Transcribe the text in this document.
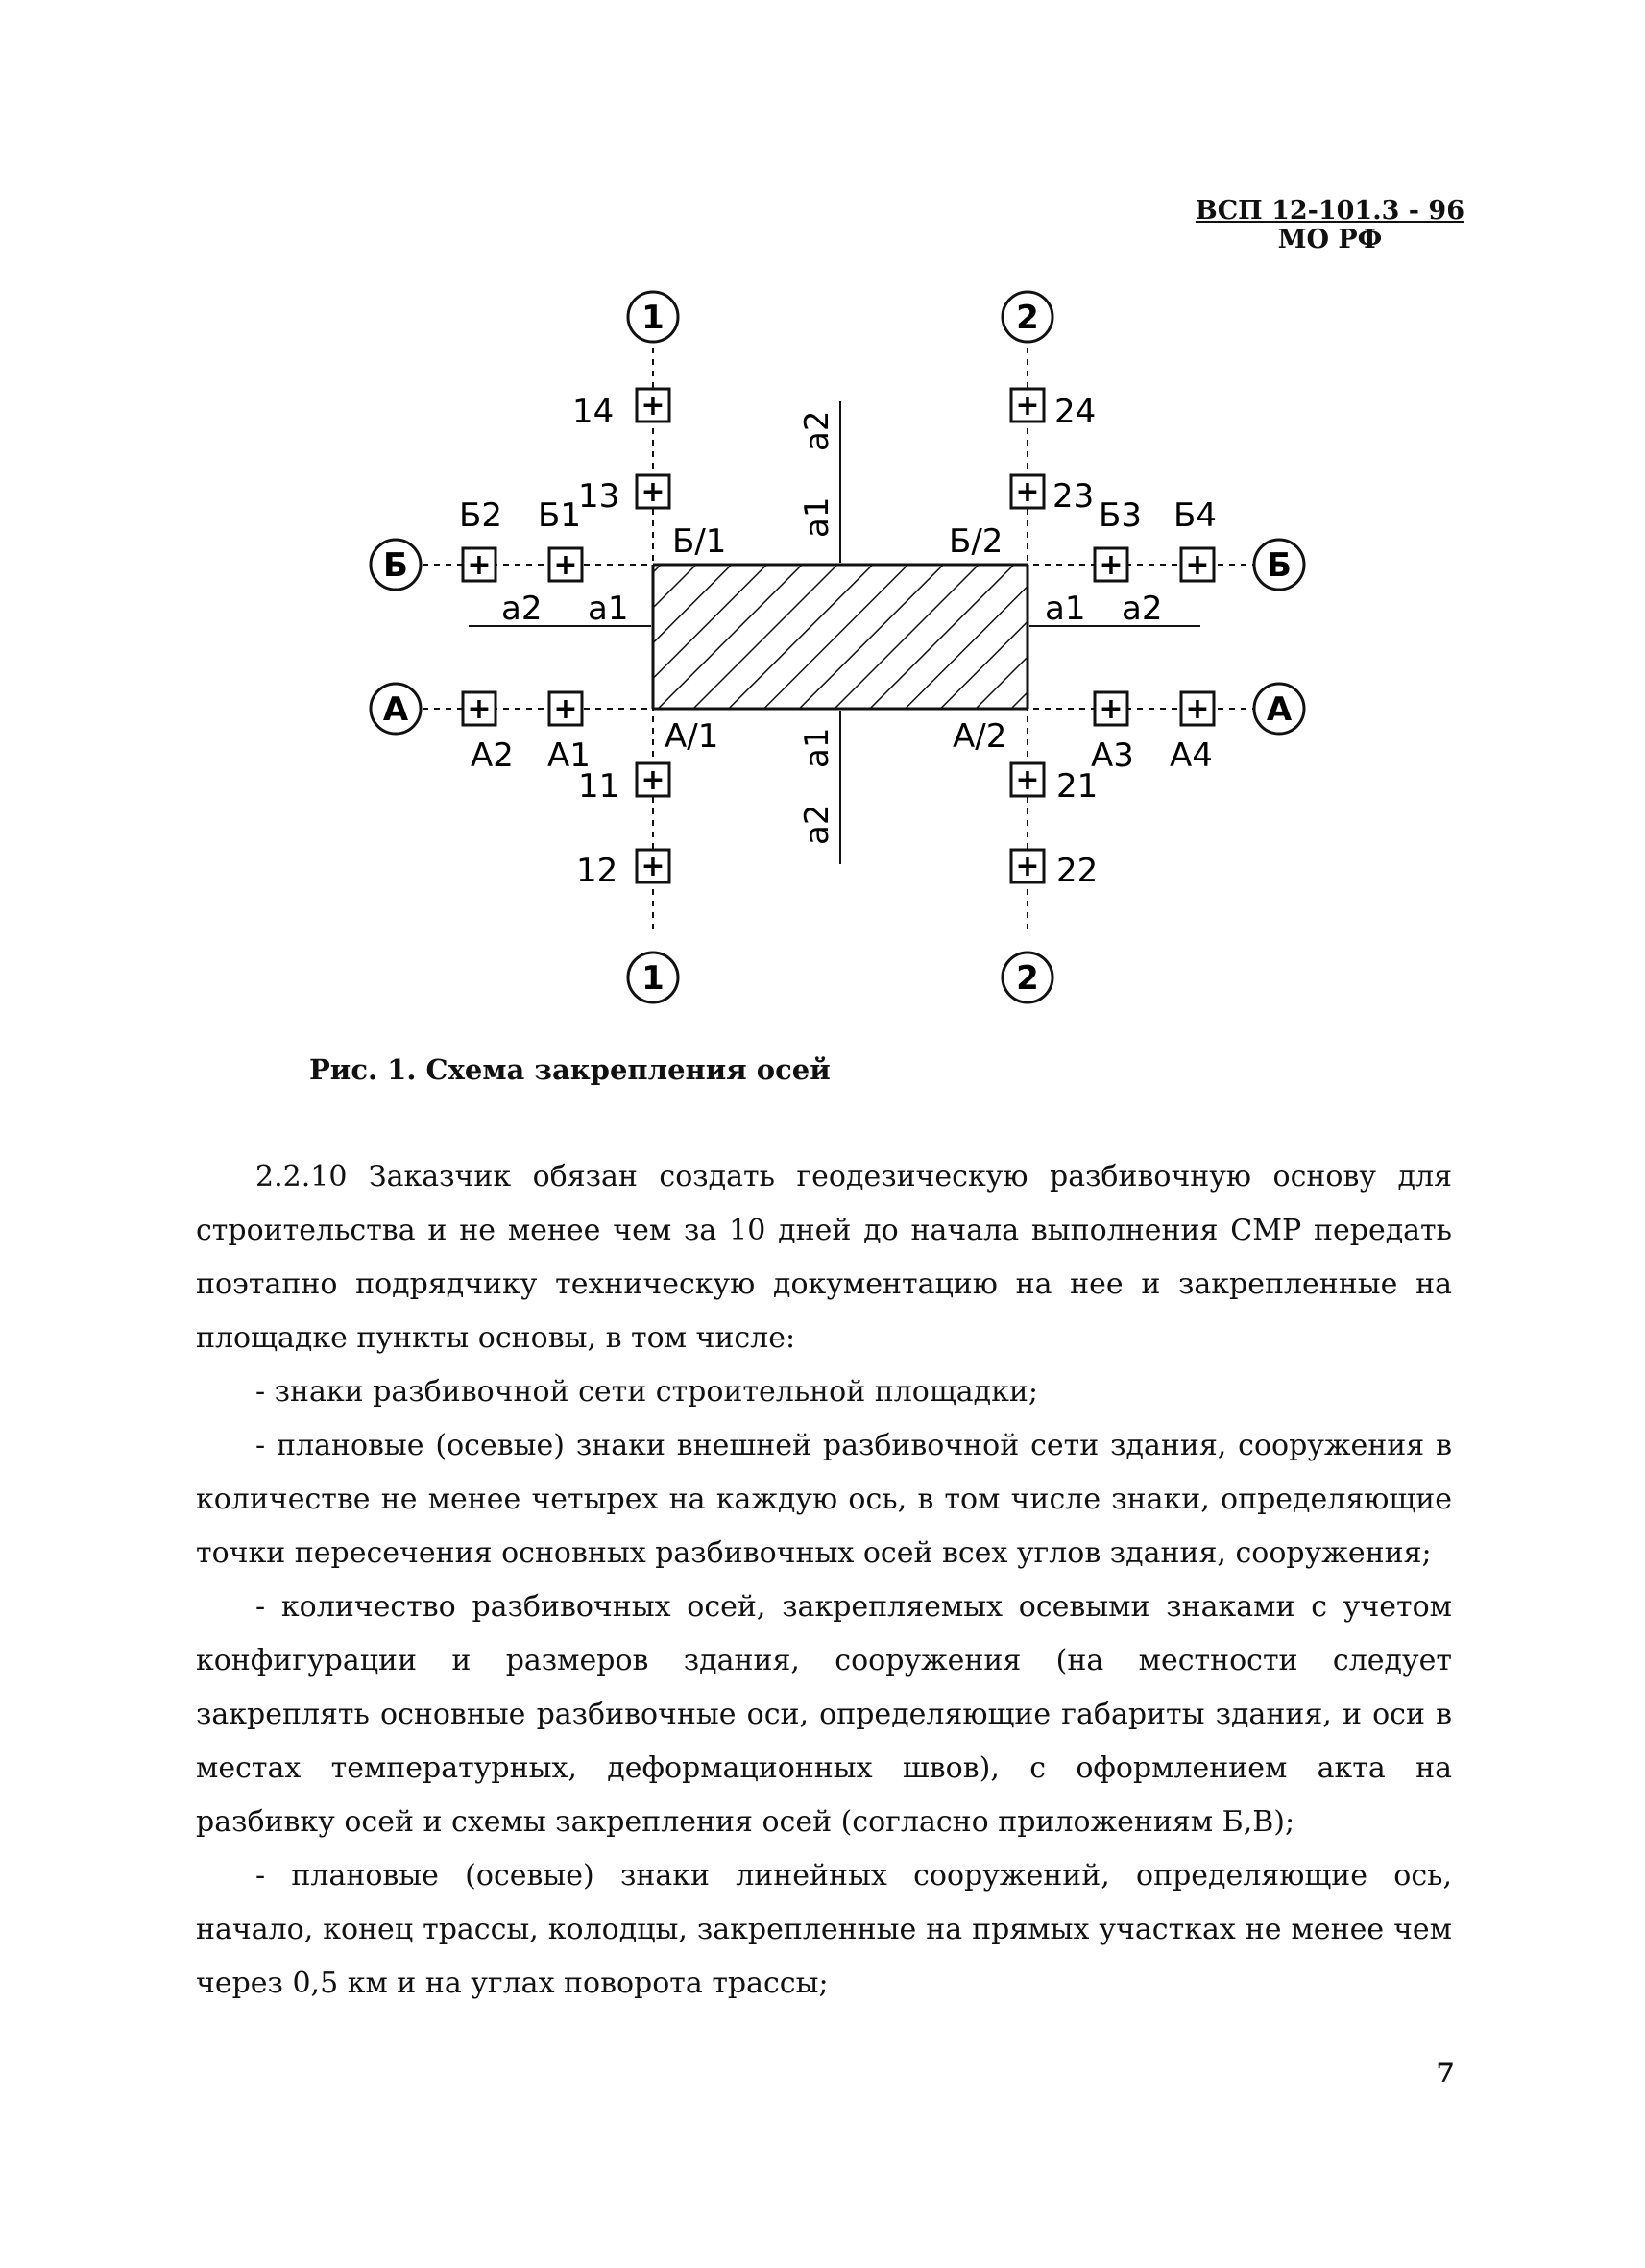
ВСП 12-101.3 - 96
МО РФ
1	2
1	2
Б	Б
А	А
+
14
+
13
+
11
+
12
+ 24
+ 23
+ 21
+ 22
+
Б2
+
Б1
+
Б3
+
Б4
+
А2
+
А1
+
А3
+
А4
Б/1	Б/2
А/1	А/2
a2 a1	a1 a2
a2
a1
a1
a2
Рис. 1. Схема закрепления осей

2.2.10 Заказчик обязан создать геодезическую разбивочную основу для строительства и не менее чем за 10 дней до начала выполнения СМР передать поэтапно подрядчику техническую документацию на нее и закрепленные на площадке пункты основы, в том числе:

- знаки разбивочной сети строительной площадки;

- плановые (осевые) знаки внешней разбивочной сети здания, сооружения в количестве не менее четырех на каждую ось, в том числе знаки, определяющие точки пересечения основных разбивочных осей всех углов здания, сооружения;

- количество разбивочных осей, закрепляемых осевыми знаками с учетом конфигурации и размеров здания, сооружения (на местности следует закреплять основные разбивочные оси, определяющие габариты здания, и оси в местах температурных, деформационных швов), с оформлением акта на разбивку осей и схемы закрепления осей (согласно приложениям Б,В);

- плановые (осевые) знаки линейных сооружений, определяющие ось, начало, конец трассы, колодцы, закрепленные на прямых участках не менее чем через 0,5 км и на углах поворота трассы;

7
